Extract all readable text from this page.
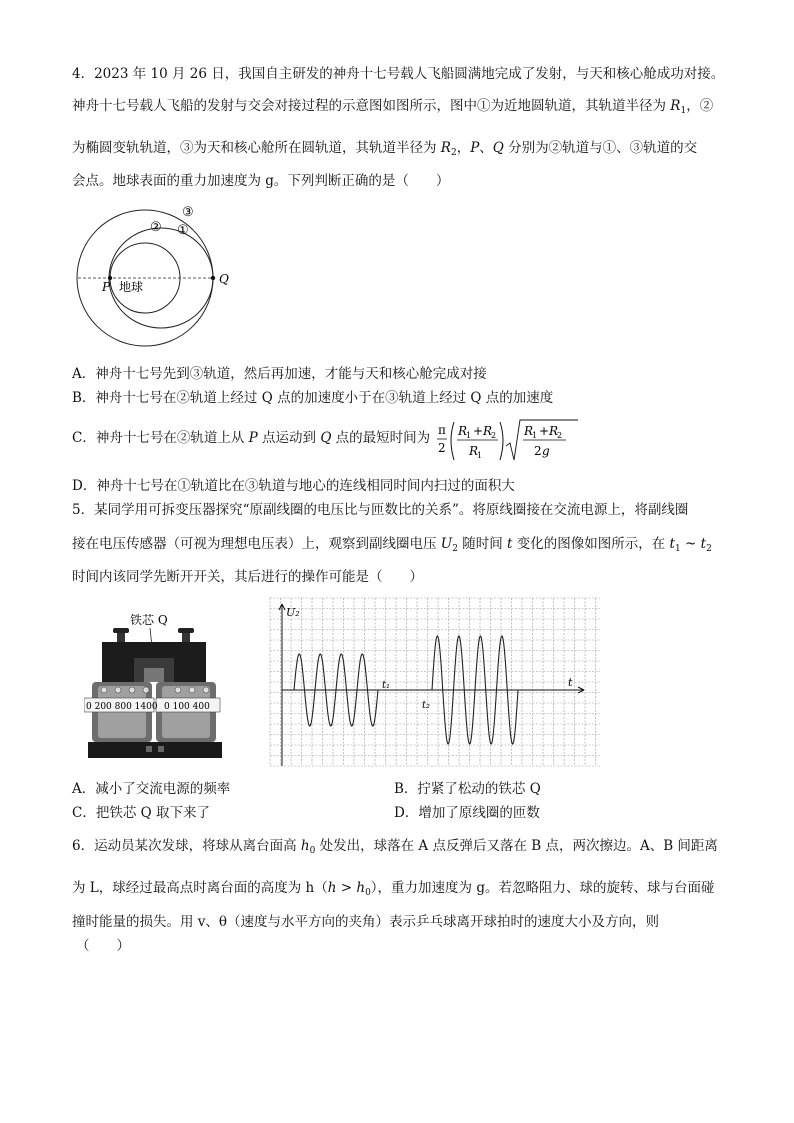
4．2023 年 10 月 26 日，我国自主研发的神舟十七号载人飞船圆满地完成了发射，与天和核心舱成功对接。
神舟十七号载人飞船的发射与交会对接过程的示意图如图所示，图中①为近地圆轨道，其轨道半径为 $R_1$，②
为椭圆变轨轨道，③为天和核心舱所在圆轨道，其轨道半径为 $R_2$，P、Q 分别为②轨道与①、③轨道的交
会点。地球表面的重力加速度为 g。下列判断正确的是（　　）
P 地球
Q
①
②
③
A．神舟十七号先到③轨道，然后再加速，才能与天和核心舱完成对接
B．神舟十七号在②轨道上经过 Q 点的加速度小于在③轨道上经过 Q 点的加速度
C．神舟十七号在②轨道上从 P 点运动到 Q 点的最短时间为 π
2
R
1 + R
2
R
1
R
1 + R
2
2 g
D．神舟十七号在①轨道比在③轨道与地心的连线相同时间内扫过的面积大
5．某同学用可拆变压器探究“原副线圈的电压比与匝数比的关系”。将原线圈接在交流电源上，将副线圈
接在电压传感器（可视为理想电压表）上，观察到副线圈电压 $U_2$ 随时间 t 变化的图像如图所示，在 $t_1$ ~ $t_2$
时间内该同学先断开开关，其后进行的操作可能是（　　）
铁芯 Q
0 200 800 1400 0 100 400
U₂
t
t₁
t₂
A．减小了交流电源的频率	B．拧紧了松动的铁芯 Q
C．把铁芯 Q 取下来了	D．增加了原线圈的匝数
6．运动员某次发球，将球从离台面高 $h_0$ 处发出，球落在 A 点反弹后又落在 B 点，两次擦边。A、B 间距离
为 L，球经过最高点时离台面的高度为 $h(h > h_0)$，重力加速度为 g。若忽略阻力、球的旋转、球与台面碰
撞时能量的损失。用 v、θ（速度与水平方向的夹角）表示乒乓球离开球拍时的速度大小及方向，则
（　　）
